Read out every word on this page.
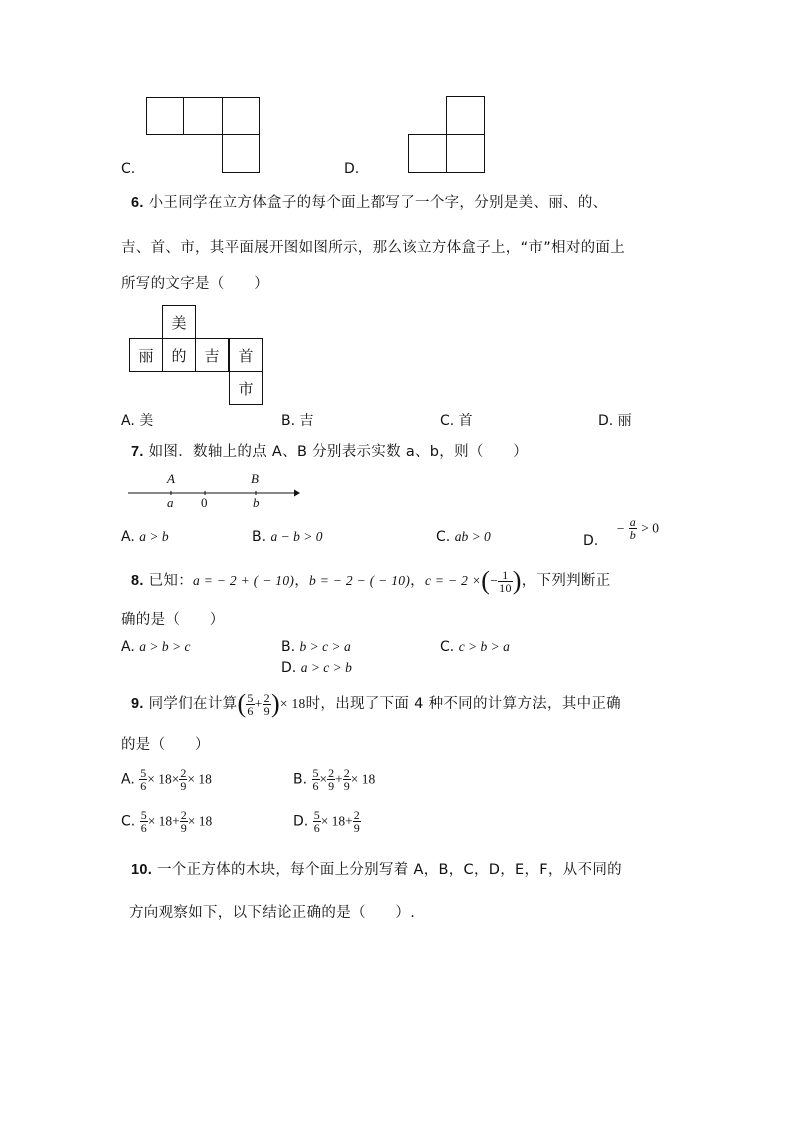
C.	D.
6. 小王同学在立方体盒子的每个面上都写了一个字，分别是美、丽、的、
吉、首、市，其平面展开图如图所示，那么该立方体盒子上，“市”相对的面上
所写的文字是（　　）
美
丽	的	吉	首
市
A. 美	B. 吉	C. 首	D. 丽
7. 如图．数轴上的点 A、B 分别表示实数 a、b，则（　　）
A
a 0
B
b
A. a > b	B. a − b > 0	C. ab > 0	D. − $\frac{a}{b} > 0$
8. 已知：a = − 2 + ( − 10)，b = − 2 − ( − 10)，c = − 2 ×(− $\frac{1}{10}$ )，下列判断正
确的是（　　）
A. a > b > c	B. b > c > a	C. c > b > a
D. a > c > b
9. 同学们在计算( $\frac{5}{6} + \frac{2}{9}$ )× 18时，出现了下面 4 种不同的计算方法，其中正确
的是（　　）
A. $\frac{5}{6} \times 18\times \frac{2}{9} \times 18$	B. $\frac{5}{6} \times \frac{2}{9} + \frac{2}{9} \times 18$
C. $\frac{5}{6} \times 18+ \frac{2}{9} \times 18$	D. $\frac{5}{6} \times 18+ \frac{2}{9}$
10. 一个正方体的木块，每个面上分别写着 A，B，C，D，E，F，从不同的
方向观察如下，以下结论正确的是（　　）.
